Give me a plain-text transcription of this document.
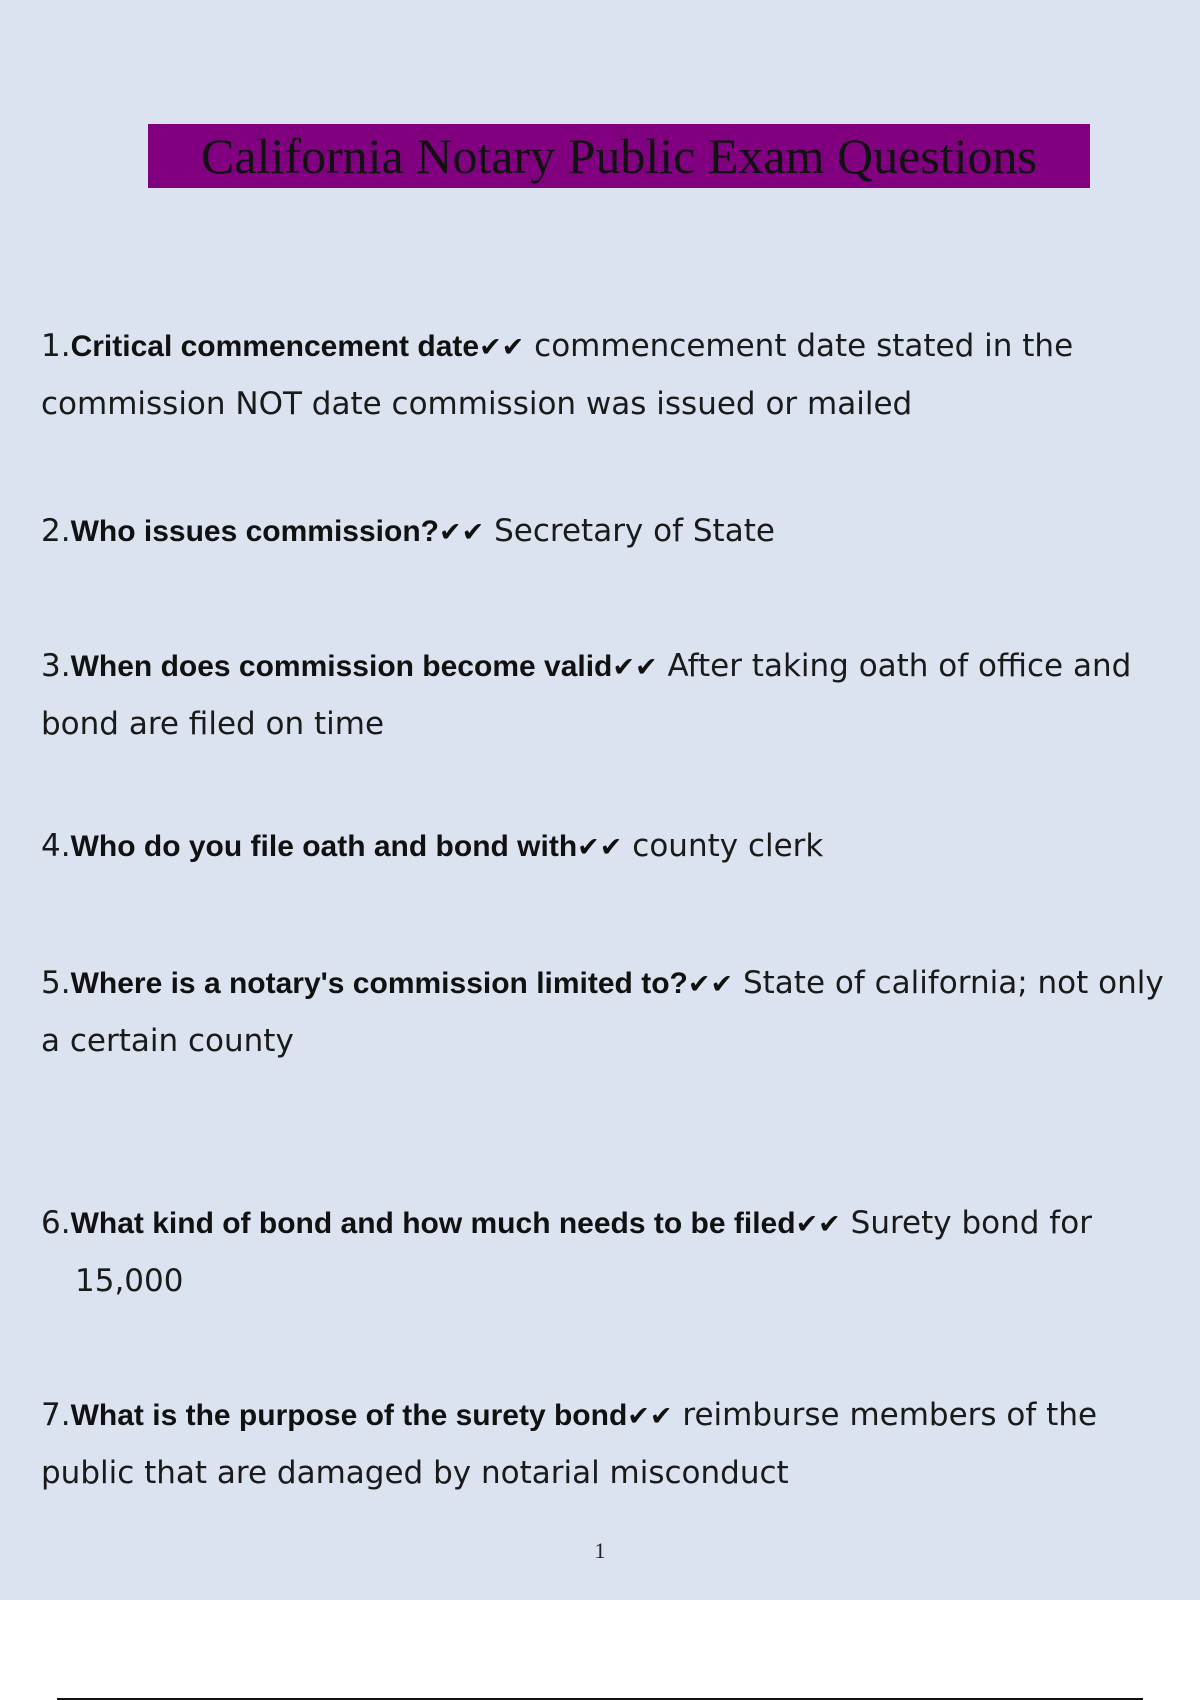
California Notary Public Exam Questions

1.Critical commencement date✔✔ commencement date stated in the commission NOT date commission was issued or mailed

2.Who issues commission?✔✔ Secretary of State

3.When does commission become valid✔✔ After taking oath of office and bond are filed on time

4.Who do you file oath and bond with✔✔ county clerk

5.Where is a notary's commission limited to?✔✔ State of california; not only a certain county

6.What kind of bond and how much needs to be filed✔✔ Surety bond for 15,000

7.What is the purpose of the surety bond✔✔ reimburse members of the public that are damaged by notarial misconduct

1
